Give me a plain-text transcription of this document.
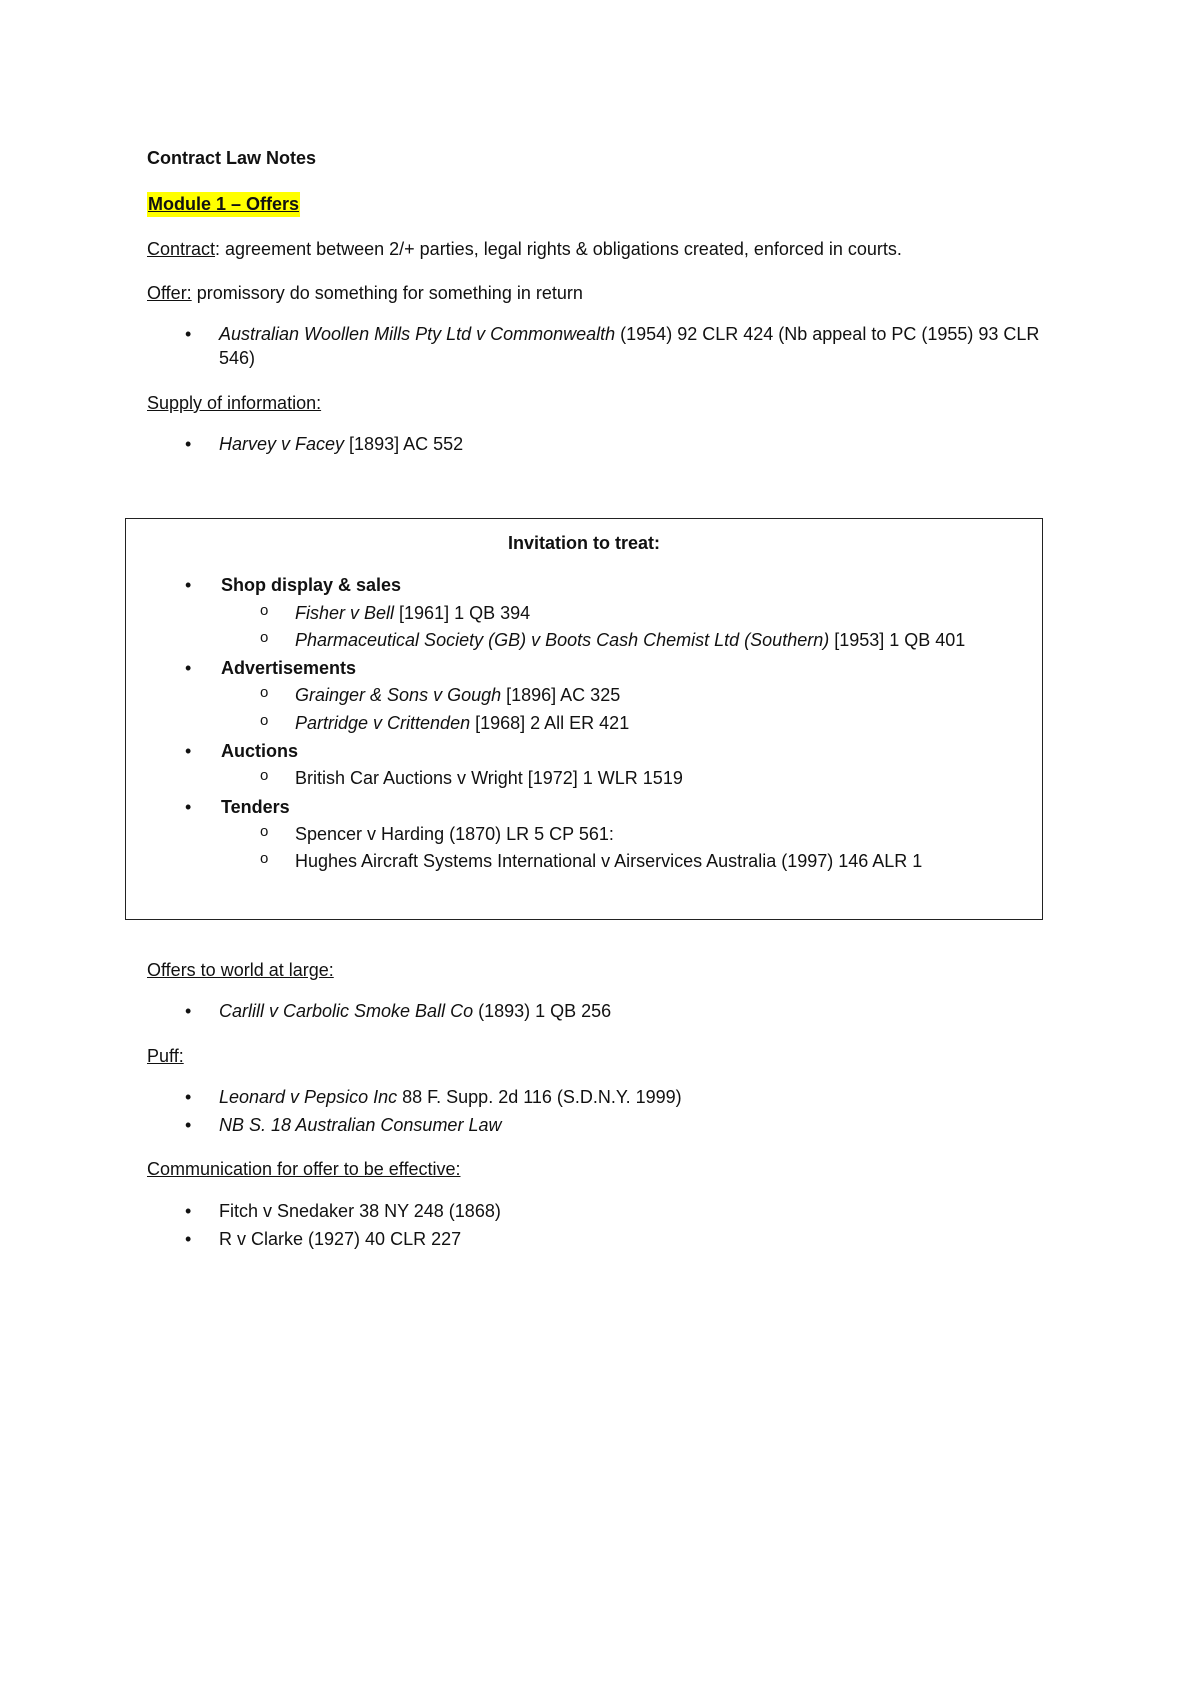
Contract Law Notes

Module 1 – Offers

Contract: agreement between 2/+ parties, legal rights & obligations created, enforced in courts.

Offer: promissory do something for something in return

• Australian Woollen Mills Pty Ltd v Commonwealth (1954) 92 CLR 424 (Nb appeal to PC (1955) 93 CLR 546)

Supply of information:

• Harvey v Facey [1893] AC 552

Invitation to treat:

• Shop display & sales
o Fisher v Bell [1961] 1 QB 394
o Pharmaceutical Society (GB) v Boots Cash Chemist Ltd (Southern) [1953] 1 QB 401
• Advertisements
o Grainger & Sons v Gough [1896] AC 325
o Partridge v Crittenden [1968] 2 All ER 421
• Auctions
o British Car Auctions v Wright [1972] 1 WLR 1519
• Tenders
o Spencer v Harding (1870) LR 5 CP 561:
o Hughes Aircraft Systems International v Airservices Australia (1997) 146 ALR 1

Offers to world at large:

• Carlill v Carbolic Smoke Ball Co (1893) 1 QB 256

Puff:

• Leonard v Pepsico Inc 88 F. Supp. 2d 116 (S.D.N.Y. 1999)
• NB S. 18 Australian Consumer Law

Communication for offer to be effective:

• Fitch v Snedaker 38 NY 248 (1868)
• R v Clarke (1927) 40 CLR 227
